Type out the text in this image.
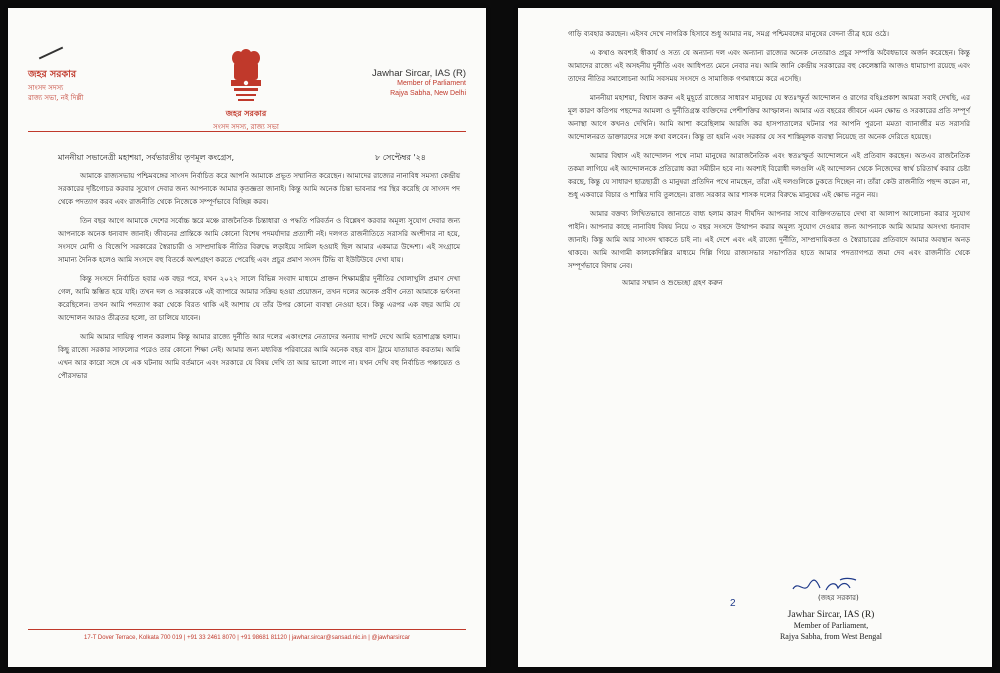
জহর সরকার
সাংসদ সদস্য
রাজ্য সভা, নই দিল্লী
জহর সরকার
সংসদ সদস্য, রাজ্য সভা
Jawhar Sircar, IAS (R)
Member of Parliament
Rajya Sabha, New Delhi
মাননীয়া সভানেত্রী মহাশয়া, সর্বভারতীয় তৃণমূল কংগ্রেস,	৮ সেপ্টেম্বর '২৪

আমাকে রাজ্যসভায় পশ্চিমবঙ্গের সাংসদ নির্বাচিত করে আপনি আমাকে প্রভূত সম্মানিত করেছেন। আমাদের রাজ্যের নানাবিধ সমস্যা কেন্দ্রীয় সরকারের দৃষ্টিগোচর করবার সুযোগ দেবার জন্য আপনাকে আমার কৃতজ্ঞতা জানাই। কিন্তু আমি অনেক চিন্তা ভাবনার পর স্থির করেছি যে সাংসদ পদ থেকে পদত্যাগ করব এবং রাজনীতি থেকে নিজেকে সম্পূর্ণভাবে বিচ্ছিন্ন করব।

তিন বছর আগে আমাকে দেশের সর্বোচ্চ স্তরে মঞ্চে রাজনৈতিক চিন্তাধারা ও পদ্ধতি পরিবর্তন ও বিশ্লেষণ করবার অমূল্য সুযোগ দেবার জন্য আপনাকে অনেক ধন্যবাদ জানাই। জীবনের প্রান্তিকে আমি কোনো বিশেষ পদমর্যাদার প্রত্যাশী নই। দলগত রাজনীতিতে সরাসরি অংশীদার না হয়ে, সংসদে মোদী ও বিজেপি সরকারের স্বৈরাচারী ও সাম্প্রদায়িক নীতির বিরুদ্ধে লড়াইয়ে সামিল হওয়াই ছিল আমার একমাত্র উদ্দেশ্য। এই সংগ্রামে সামান্য দৈনিক হলেও আমি সংসদে বহু বিতর্কে অংশগ্রহণ করতে পেরেছি এবং প্রচুর প্রমাণ সংসদ টিভি বা ইউটিউবে দেখা যায়।

কিন্তু সংসদে নির্বাচিত হবার এক বছর পরে, যখন ২০২২ সালে বিভিন্ন সংবাদ মাধ্যমে প্রাক্তন শিক্ষামন্ত্রীর দুর্নীতির খোলাখুলি প্রমাণ দেখা গেল, আমি স্তম্ভিত হয়ে যাই। তখন দল ও সরকারকে এই ব্যাপারে আমার সক্রিয় হওয়া প্রয়োজন, তখন দলের অনেক প্রবীণ নেতা আমাকে ভর্ৎসনা করেছিলেন। তখন আমি পদত্যাগ করা থেকে বিরত থাকি এই আশায় যে তাঁর উপর কোনো ব্যবস্থা নেওয়া হবে। কিন্তু এরপর এক বছর আমি যে আন্দোলন আরও তীব্রতর হলো, তা চালিয়ে যাবেন।

আমি আমার দায়িত্ব পালন করলাম কিন্তু আমার রাজ্যে দুর্নীতি আর দলের একাংশের নেতাদের অন্যায় দাপট দেখে আমি হতাশাগ্রস্ত হলাম। কিছু রাজ্যে সরকার সাফল্যের পরেও তার কোনো শিক্ষা নেই। আমার জন্য মধ্যবিত্ত পরিবারের আমি অনেক বছর বাস ট্রামে যাতায়াত করতাম। আমি এখন আর কারো সঙ্গে যে এক ঘটনায় আমি বর্তমানে এবং সরকারে যে বিষয় দেখি তা আর ভালো লাগে না। যখন দেখি বহু নির্বাচিত পঞ্চায়েত ও পৌরসভার

17-T Dover Terrace, Kolkata 700 019 | +91 33 2461 8070 | +91 98681 81120 | jawhar.sircar@sansad.nic.in | @jawharsircar

গাড়ি ব্যবহার করছেন। এইসব দেখে নাগরিক হিসাবে শুধু আমার নয়, সমগ্র পশ্চিমবঙ্গের মানুষের বেদনা তীব্র হয়ে ওঠে।

এ কথাও অবশ্যই স্বীকার্য ও সত্য যে অন্যান্য দল এবং অন্যান্য রাজ্যের অনেক নেতারাও প্রচুর সম্পত্তি অবৈধভাবে অর্জন করেছেন। কিন্তু আমাদের রাজ্যে এই অসহনীয় দুর্নীতি এবং আধিপত্য মেনে নেবার নয়। আমি জানি কেন্দ্রীয় সরকারের বহু কেলেঙ্কারি আজও ধামাচাপা রয়েছে এবং তাদের নীতির সমালোচনা আমি সবসময় সংসদে ও সামাজিক গণমাধ্যমে করে এসেছি।

মাননীয়া মহাশয়া, বিশ্বাস করুন এই মুহূর্তে রাজ্যের সাধারণ মানুষের যে স্বতঃস্ফূর্ত আন্দোলন ও রাগের বহিঃপ্রকাশ আমরা সবাই দেখছি, এর মূল কারণ কতিপয় পছন্দের আমলা ও দুর্নীতিগ্রস্ত ব্যক্তিদের পেশীশক্তির আস্ফালন। আমার এত বছরের জীবনে এমন ক্ষোভ ও সরকারের প্রতি সম্পূর্ণ অনাস্থা আগে কখনও দেখিনি। আমি আশা করেছিলাম আরজি কর হাসপাতালের ঘটনার পর আপনি পুরনো মমতা ব্যানার্জীর মত সরাসরি আন্দোলনরত ডাক্তারদের সঙ্গে কথা বলবেন। কিন্তু তা হয়নি এবং সরকার যে সব শাস্তিমূলক ব্যবস্থা নিয়েছে তা অনেক দেরিতে হয়েছে।

আমার বিশ্বাস এই আন্দোলন পথে নামা মানুষের আরাজনৈতিক এবং স্বতঃস্ফূর্ত আন্দোলনে এই প্রতিবাদ করছেন। অতএব রাজনৈতিক তকমা লাগিয়ে এই আন্দোলনকে প্রতিরোধ করা সমীচীন হবে না। অবশ্যই বিরোধী দলগুলি এই আন্দোলন থেকে নিজেদের স্বার্থ চরিতার্থ করার চেষ্টা করছে, কিন্তু যে সাধারণ ছাত্রছাত্রী ও মানুষরা প্রতিদিন পথে নামছেন, তাঁরা এই দলগুলিকে ঢুকতে দিচ্ছেন না। তাঁরা কেউ রাজনীতি পছন্দ করেন না, শুধু একবারে বিচার ও শাস্তির দাবি তুলছেন। রাজ্য সরকার আর শাসক দলের বিরুদ্ধে মানুষের এই ক্ষোভ নতুন নয়।

আমার বক্তব্য লিখিতভাবে জানাতে বাধ্য হলাম কারণ দীর্ঘদিন আপনার সাথে ব্যক্তিগতভাবে দেখা বা আলাপ আলোচনা করার সুযোগ পাইনি। আপনার কাছে নানাবিধ বিষয় নিয়ে ৩ বছর সংসদে উত্থাপন করার অমূল্য সুযোগ দেওয়ার জন্য আপনাকে আমি আমার অসংখ্য ধন্যবাদ জানাই। কিন্তু আমি আর সাংসদ থাকতে চাই না। এই দেশে এবং এই রাজ্যে দুর্নীতি, সাম্প্রদায়িকতা ও স্বৈরাচারের প্রতিবাদে আমার অবস্থান অনড় থাকবে। আমি আগামী কালকেদিল্লির মাধ্যমে দিল্লি গিয়ে রাজ্যসভার সভাপতির হাতে আমার পদত্যাগপত্র জমা দেব এবং রাজনীতি থেকে সম্পূর্ণভাবে বিদায় নেব।

আমার সম্মান ও শুভেচ্ছা গ্রহণ করুন
(জহর সরকার)
2
Jawhar Sircar, IAS (R)
Member of Parliament,
Rajya Sabha, from West Bengal
